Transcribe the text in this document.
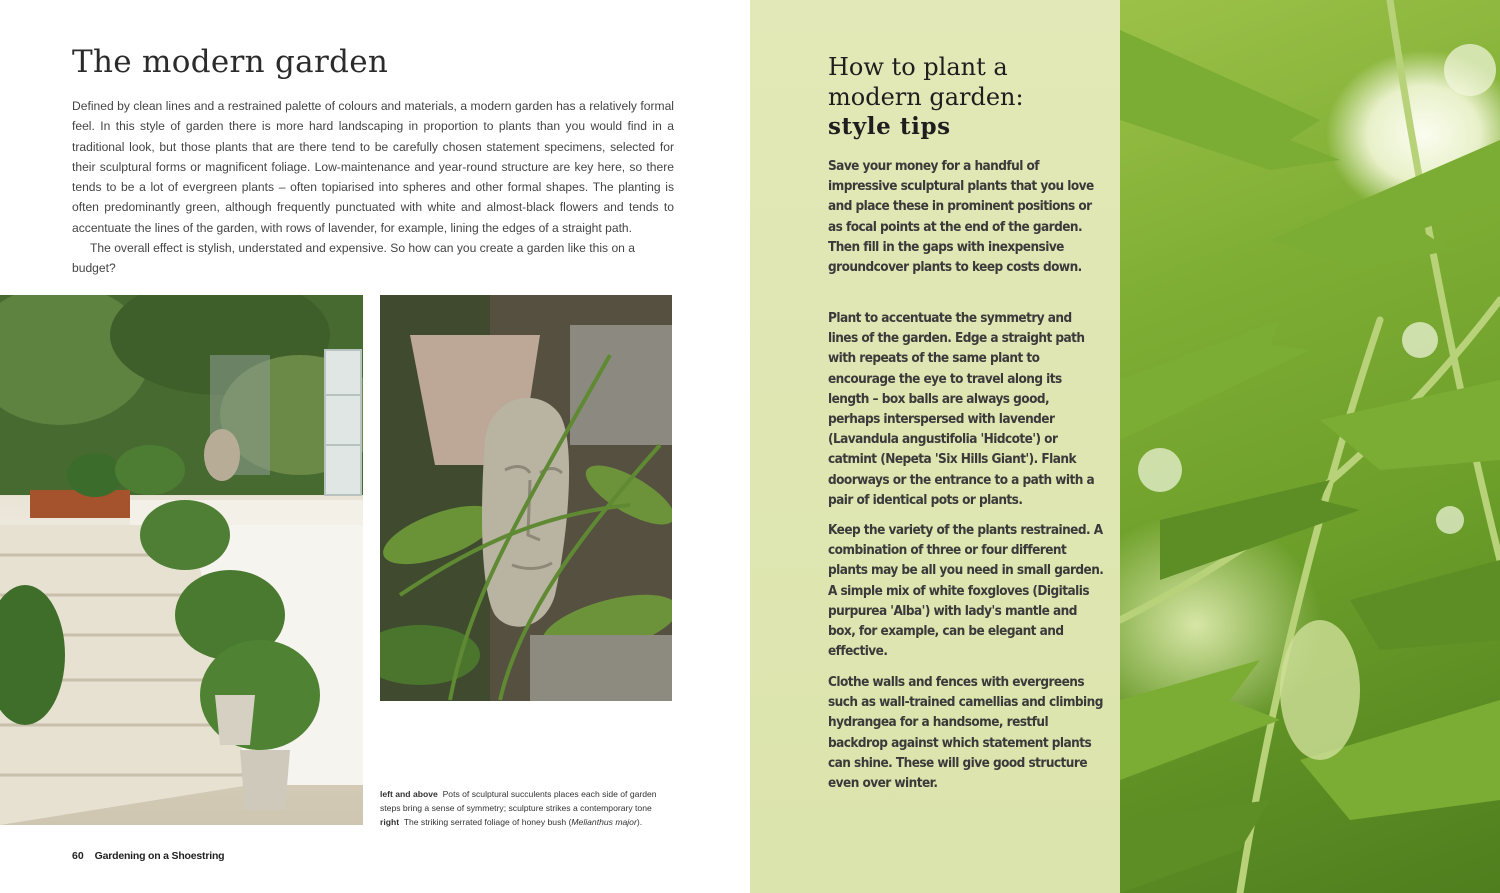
The modern garden

Defined by clean lines and a restrained palette of colours and materials, a modern garden has a relatively formal feel. In this style of garden there is more hard landscaping in proportion to plants than you would find in a traditional look, but those plants that are there tend to be carefully chosen statement specimens, selected for their sculptural forms or magnificent foliage. Low-maintenance and year-round structure are key here, so there tends to be a lot of evergreen plants – often topiarised into spheres and other formal shapes. The planting is often predominantly green, although frequently punctuated with white and almost-black flowers and tends to accentuate the lines of the garden, with rows of lavender, for example, lining the edges of a straight path.

The overall effect is stylish, understated and expensive. So how can you create a garden like this on a budget?

left and above Pots of sculptural succulents places each side of garden steps bring a sense of symmetry; sculpture strikes a contemporary tone
right The striking serrated foliage of honey bush (Melianthus major).
60 Gardening on a Shoestring
How to plant a
modern garden:
style tips

Save your money for a handful of impressive sculptural plants that you love and place these in prominent positions or as focal points at the end of the garden. Then fill in the gaps with inexpensive groundcover plants to keep costs down.

Plant to accentuate the symmetry and lines of the garden. Edge a straight path with repeats of the same plant to encourage the eye to travel along its length – box balls are always good, perhaps interspersed with lavender (Lavandula angustifolia 'Hidcote') or catmint (Nepeta 'Six Hills Giant'). Flank doorways or the entrance to a path with a pair of identical pots or plants.

Keep the variety of the plants restrained. A combination of three or four different plants may be all you need in small garden. A simple mix of white foxgloves (Digitalis purpurea 'Alba') with lady's mantle and box, for example, can be elegant and effective.

Clothe walls and fences with evergreens such as wall-trained camellias and climbing hydrangea for a handsome, restful backdrop against which statement plants can shine. These will give good structure even over winter.
